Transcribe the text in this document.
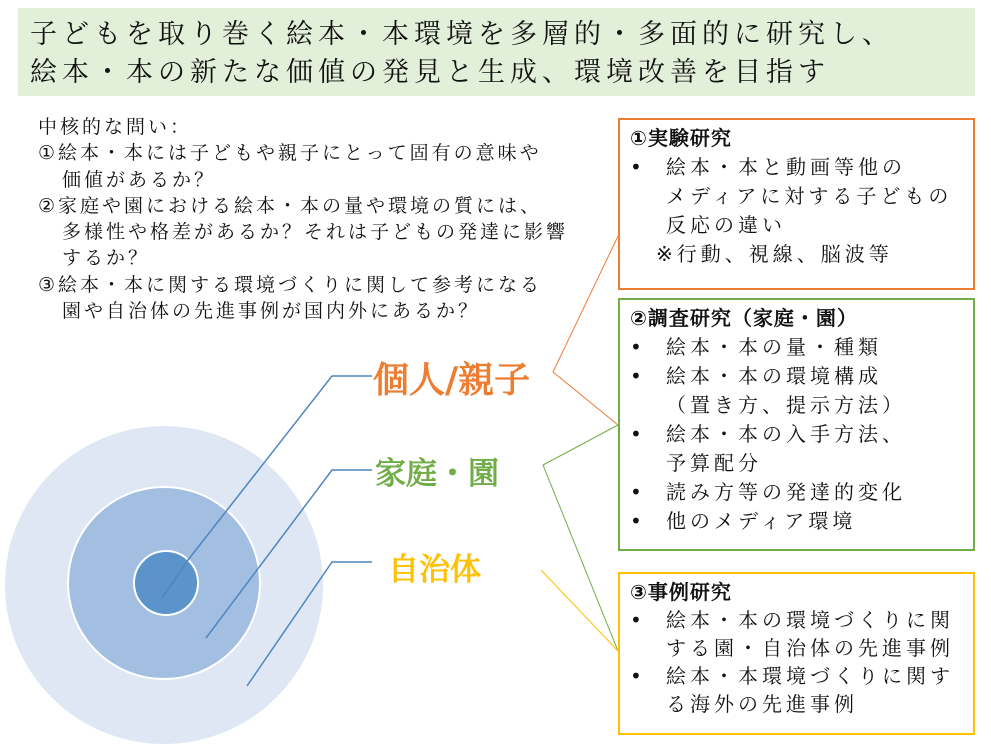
子どもを取り巻く絵本・本環境を多層的・多面的に研究し、
絵本・本の新たな価値の発見と生成、環境改善を目指す
中核的な問い：
①絵本・本には子どもや親子にとって固有の意味や
価値があるか？
②家庭や園における絵本・本の量や環境の質には、
多様性や格差があるか？それは子どもの発達に影響
するか？
③絵本・本に関する環境づくりに関して参考になる
園や自治体の先進事例が国内外にあるか？
個人/親子
家庭・園
自治体
①実験研究
• 絵本・本と動画等他の
メディアに対する子どもの
反応の違い
※行動、視線、脳波等
②調査研究（家庭・園）
• 絵本・本の量・種類
• 絵本・本の環境構成
（置き方、提示方法）
• 絵本・本の入手方法、
予算配分
• 読み方等の発達的変化
• 他のメディア環境
③事例研究
• 絵本・本の環境づくりに関
する園・自治体の先進事例
• 絵本・本環境づくりに関す
る海外の先進事例
